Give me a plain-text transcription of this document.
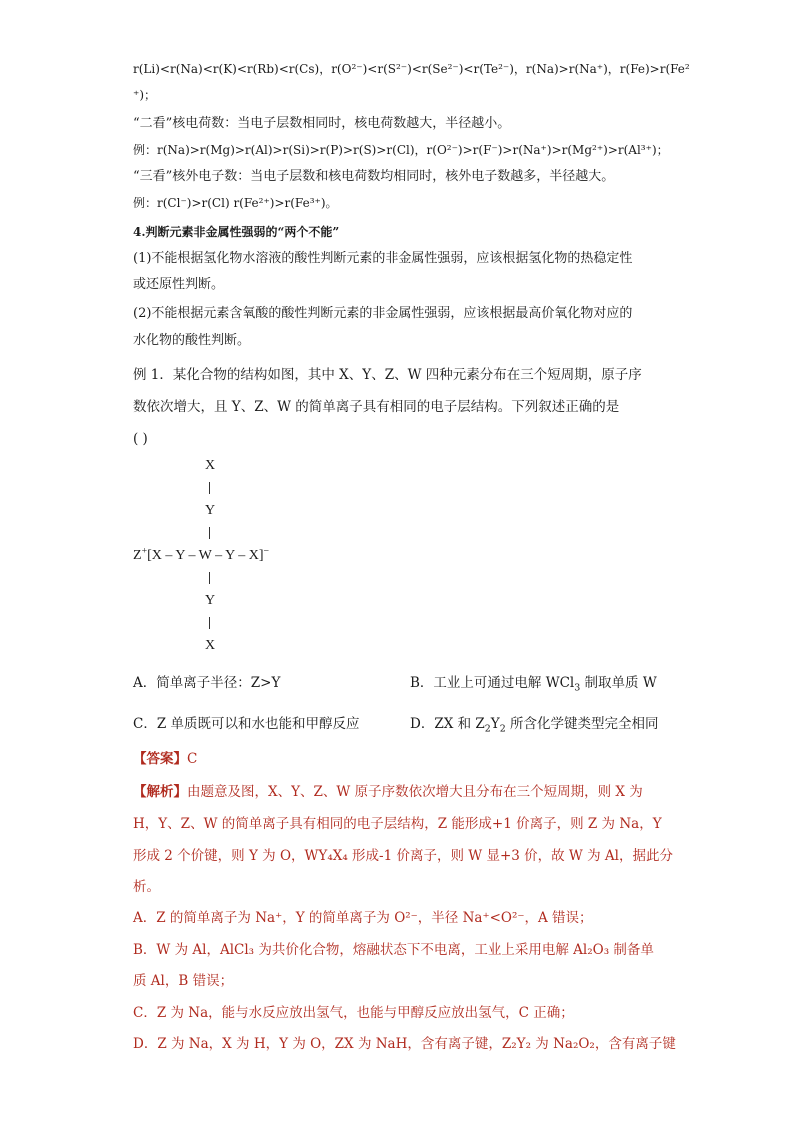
r(Li)<r(Na)<r(K)<r(Rb)<r(Cs)，r(O²⁻)<r(S²⁻)<r(Se²⁻)<r(Te²⁻)，r(Na)>r(Na⁺)，r(Fe)>r(Fe²
⁺)；
“二看”核电荷数：当电子层数相同时，核电荷数越大，半径越小。
例：r(Na)>r(Mg)>r(Al)>r(Si)>r(P)>r(S)>r(Cl)，r(O²⁻)>r(F⁻)>r(Na⁺)>r(Mg²⁺)>r(Al³⁺)；
“三看”核外电子数：当电子层数和核电荷数均相同时，核外电子数越多，半径越大。
例：r(Cl⁻)>r(Cl) r(Fe²⁺)>r(Fe³⁺)。
4.判断元素非金属性强弱的“两个不能”
(1)不能根据氢化物水溶液的酸性判断元素的非金属性强弱，应该根据氢化物的热稳定性
或还原性判断。
(2)不能根据元素含氧酸的酸性判断元素的非金属性强弱，应该根据最高价氧化物对应的
水化物的酸性判断。
例 1．某化合物的结构如图，其中 X、Y、Z、W 四种元素分布在三个短周期，原子序
数依次增大，且 Y、Z、W 的简单离子具有相同的电子层结构。下列叙述正确的是
( )
X
Y
Z+[X – Y – W – Y – X]−
Y
X
A．简单离子半径：Z>Y	B．工业上可通过电解 WCl$_3$ 制取单质 W
C．Z 单质既可以和水也能和甲醇反应	D．ZX 和 $Z_2Y_2$ 所含化学键类型完全相同
【答案】C
【解析】由题意及图，X、Y、Z、W 原子序数依次增大且分布在三个短周期，则 X 为
H，Y、Z、W 的简单离子具有相同的电子层结构，Z 能形成+1 价离子，则 Z 为 Na，Y
形成 2 个价键，则 Y 为 O，WY₄X₄ 形成-1 价离子，则 W 显+3 价，故 W 为 Al，据此分
析。
A．Z 的简单离子为 Na⁺，Y 的简单离子为 O²⁻，半径 Na⁺<O²⁻，A 错误；
B．W 为 Al，AlCl₃ 为共价化合物，熔融状态下不电离，工业上采用电解 Al₂O₃ 制备单
质 Al，B 错误；
C．Z 为 Na，能与水反应放出氢气，也能与甲醇反应放出氢气，C 正确；
D．Z 为 Na，X 为 H，Y 为 O，ZX 为 NaH，含有离子键，Z₂Y₂ 为 Na₂O₂，含有离子键
